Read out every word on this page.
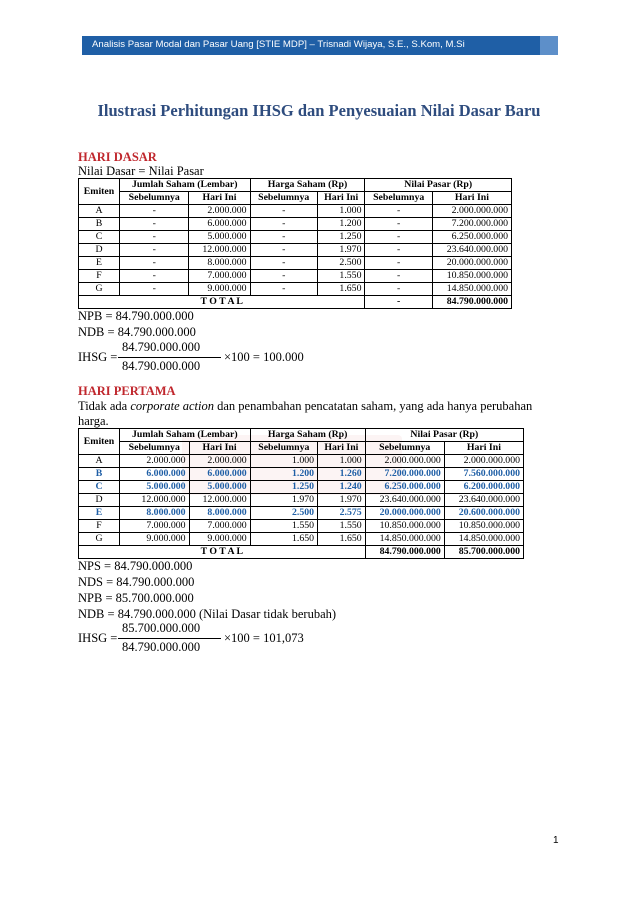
Analisis Pasar Modal dan Pasar Uang [STIE MDP] – Trisnadi Wijaya, S.E., S.Kom, M.Si
Ilustrasi Perhitungan IHSG dan Penyesuaian Nilai Dasar Baru
HARI DASAR
Nilai Dasar = Nilai Pasar
Emiten	Jumlah Saham (Lembar)		Harga Saham (Rp)		Nilai Pasar (Rp)	
	Sebelumnya	Hari Ini	Sebelumnya	Hari Ini	Sebelumnya	Hari Ini
A	-	2.000.000	-	1.000	-	2.000.000.000
B	-	6.000.000	-	1.200	-	7.200.000.000
C	-	5.000.000	-	1.250	-	6.250.000.000
D	-	12.000.000	-	1.970	-	23.640.000.000
E	-	8.000.000	-	2.500	-	20.000.000.000
F	-	7.000.000	-	1.550	-	10.850.000.000
G	-	9.000.000	-	1.650	-	14.850.000.000
T O T A L					-	84.790.000.000
NPB = 84.790.000.000
NDB = 84.790.000.000
IHSG =
84.790.000.000
84.790.000.000
×100 = 100.000
HARI PERTAMA
Tidak ada corporate action dan penambahan pencatatan saham, yang ada hanya perubahan
harga.
Emiten	Jumlah Saham (Lembar)		Harga Saham (Rp)		Nilai Pasar (Rp)	
	Sebelumnya	Hari Ini	Sebelumnya	Hari Ini	Sebelumnya	Hari Ini
A	2.000.000	2.000.000	1.000	1.000	2.000.000.000	2.000.000.000
B	6.000.000	6.000.000	1.200	1.260	7.200.000.000	7.560.000.000
C	5.000.000	5.000.000	1.250	1.240	6.250.000.000	6.200.000.000
D	12.000.000	12.000.000	1.970	1.970	23.640.000.000	23.640.000.000
E	8.000.000	8.000.000	2.500	2.575	20.000.000.000	20.600.000.000
F	7.000.000	7.000.000	1.550	1.550	10.850.000.000	10.850.000.000
G	9.000.000	9.000.000	1.650	1.650	14.850.000.000	14.850.000.000
T O T A L					84.790.000.000	85.700.000.000
NPS = 84.790.000.000
NDS = 84.790.000.000
NPB = 85.700.000.000
NDB = 84.790.000.000 (Nilai Dasar tidak berubah)
IHSG =
85.700.000.000
84.790.000.000
×100 = 101,073
1
